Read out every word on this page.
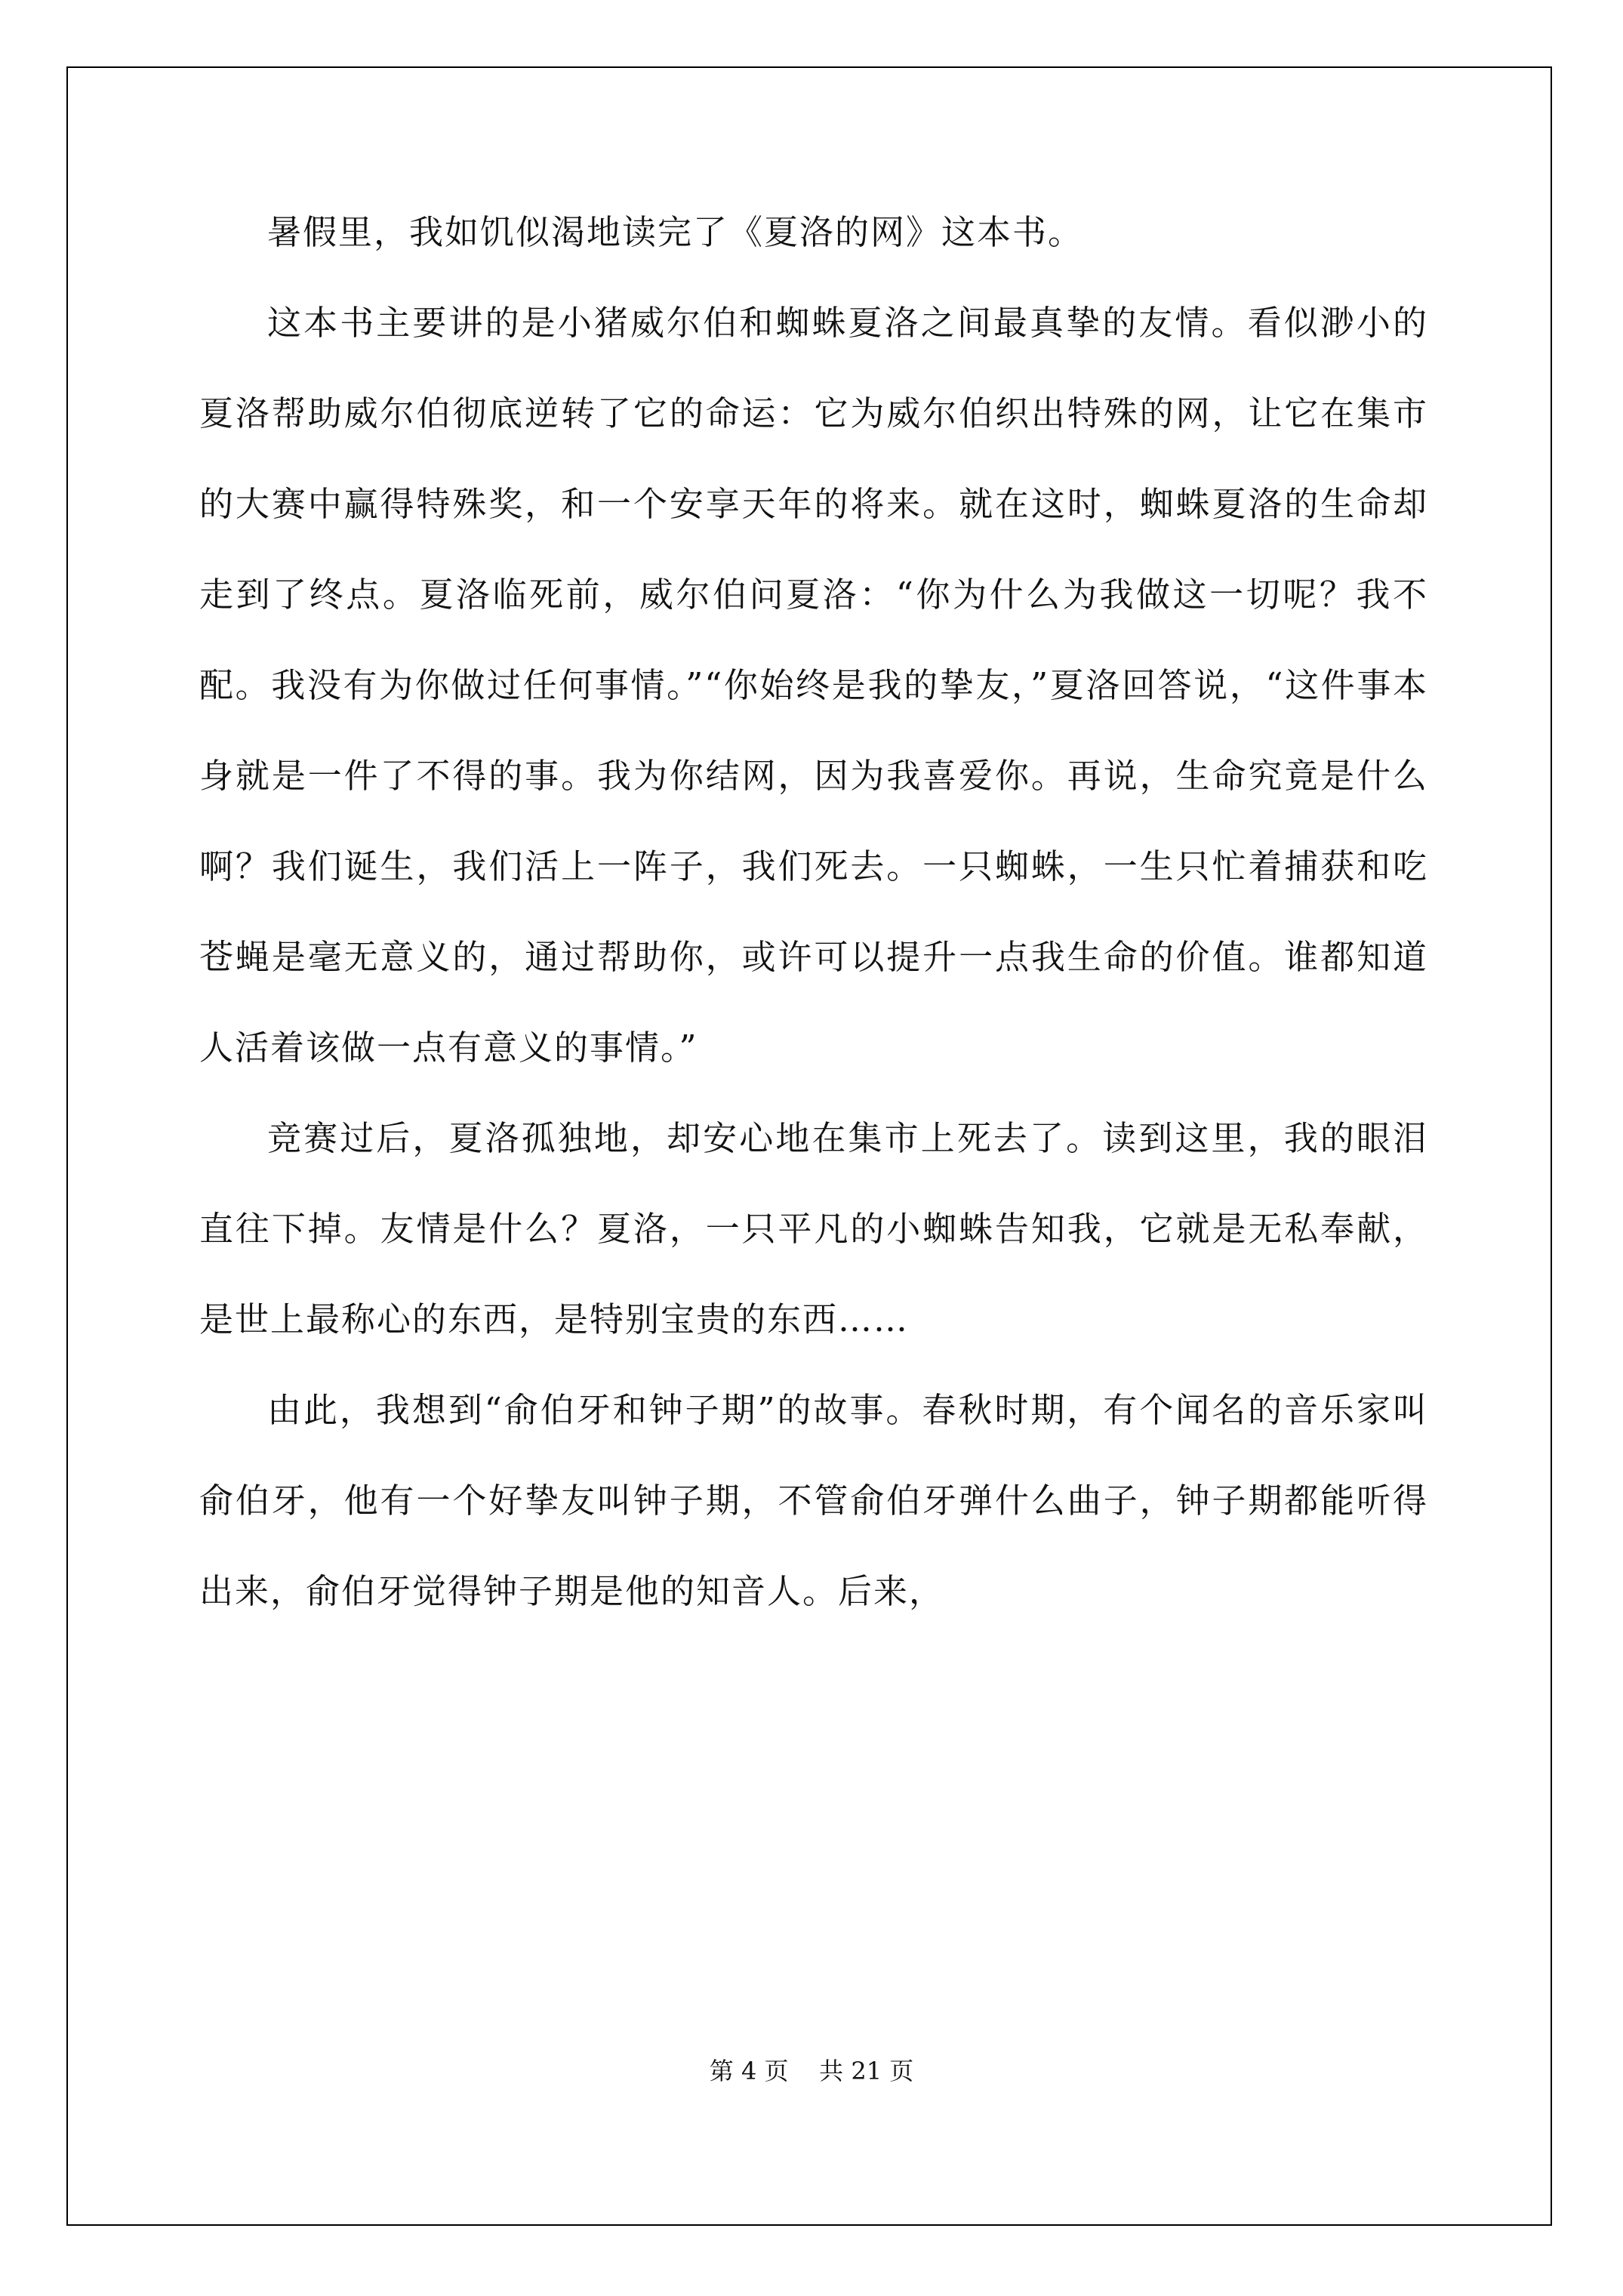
暑假里，我如饥似渴地读完了《夏洛的网》这本书。

这本书主要讲的是小猪威尔伯和蜘蛛夏洛之间最真挚的友情。看似渺小的夏洛帮助威尔伯彻底逆转了它的命运：它为威尔伯织出特殊的网，让它在集市的大赛中赢得特殊奖，和一个安享天年的将来。就在这时，蜘蛛夏洛的生命却走到了终点。夏洛临死前，威尔伯问夏洛：“你为什么为我做这一切呢？我不配。我没有为你做过任何事情。”“你始终是我的挚友，”夏洛回答说，“这件事本身就是一件了不得的事。我为你结网，因为我喜爱你。再说，生命究竟是什么啊？我们诞生，我们活上一阵子，我们死去。一只蜘蛛，一生只忙着捕获和吃苍蝇是毫无意义的，通过帮助你，或许可以提升一点我生命的价值。谁都知道人活着该做一点有意义的事情。”

竞赛过后，夏洛孤独地，却安心地在集市上死去了。读到这里，我的眼泪直往下掉。友情是什么？夏洛，一只平凡的小蜘蛛告知我，它就是无私奉献，是世上最称心的东西，是特别宝贵的东西……

由此，我想到“俞伯牙和钟子期”的故事。春秋时期，有个闻名的音乐家叫俞伯牙，他有一个好挚友叫钟子期，不管俞伯牙弹什么曲子，钟子期都能听得出来，俞伯牙觉得钟子期是他的知音人。后来，

第 4 页    共 21 页
